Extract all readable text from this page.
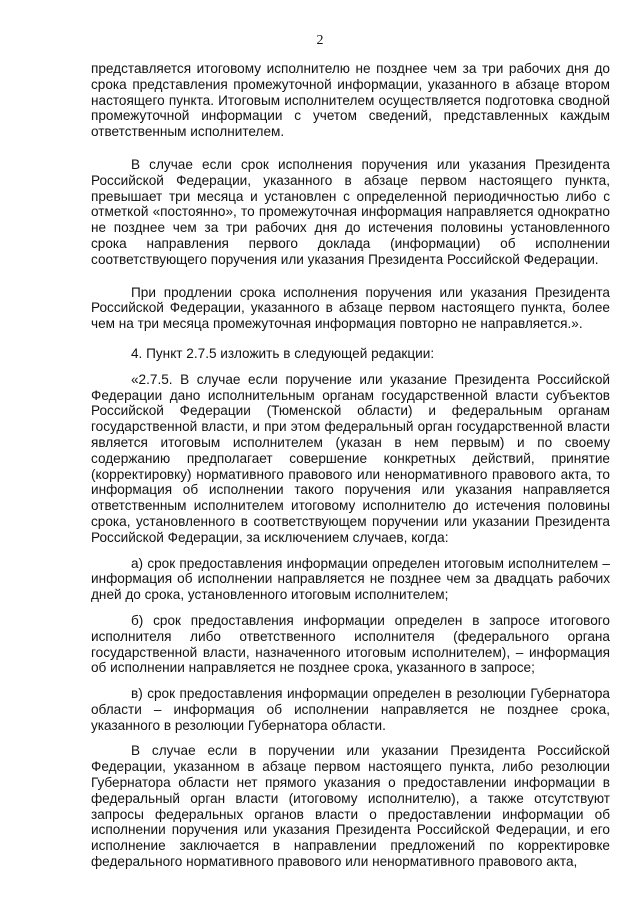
2

представляется итоговому исполнителю не позднее чем за три рабочих дня до срока представления промежуточной информации, указанного в абзаце втором настоящего пункта. Итоговым исполнителем осуществляется подготовка сводной промежуточной информации с учетом сведений, представленных каждым ответственным исполнителем.

В случае если срок исполнения поручения или указания Президента Российской Федерации, указанного в абзаце первом настоящего пункта, превышает три месяца и установлен с определенной периодичностью либо с отметкой «постоянно», то промежуточная информация направляется однократно не позднее чем за три рабочих дня до истечения половины установленного срока направления первого доклада (информации) об исполнении соответствующего поручения или указания Президента Российской Федерации.

При продлении срока исполнения поручения или указания Президента Российской Федерации, указанного в абзаце первом настоящего пункта, более чем на три месяца промежуточная информация повторно не направляется.».

4. Пункт 2.7.5 изложить в следующей редакции:

«2.7.5. В случае если поручение или указание Президента Российской Федерации дано исполнительным органам государственной власти субъектов Российской Федерации (Тюменской области) и федеральным органам государственной власти, и при этом федеральный орган государственной власти является итоговым исполнителем (указан в нем первым) и по своему содержанию предполагает совершение конкретных действий, принятие (корректировку) нормативного правового или ненормативного правового акта, то информация об исполнении такого поручения или указания направляется ответственным исполнителем итоговому исполнителю до истечения половины срока, установленного в соответствующем поручении или указании Президента Российской Федерации, за исключением случаев, когда:

а) срок предоставления информации определен итоговым исполнителем – информация об исполнении направляется не позднее чем за двадцать рабочих дней до срока, установленного итоговым исполнителем;

б) срок предоставления информации определен в запросе итогового исполнителя либо ответственного исполнителя (федерального органа государственной власти, назначенного итоговым исполнителем), – информация об исполнении направляется не позднее срока, указанного в запросе;

в) срок предоставления информации определен в резолюции Губернатора области – информация об исполнении направляется не позднее срока, указанного в резолюции Губернатора области.

В случае если в поручении или указании Президента Российской Федерации, указанном в абзаце первом настоящего пункта, либо резолюции Губернатора области нет прямого указания о предоставлении информации в федеральный орган власти (итоговому исполнителю), а также отсутствуют запросы федеральных органов власти о предоставлении информации об исполнении поручения или указания Президента Российской Федерации, и его исполнение заключается в направлении предложений по корректировке федерального нормативного правового или ненормативного правового акта,
